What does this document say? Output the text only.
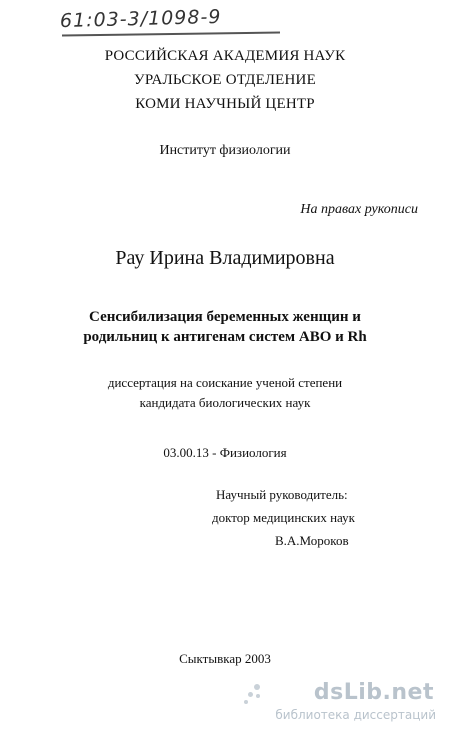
61:03-3/1098-9
РОССИЙСКАЯ АКАДЕМИЯ НАУК
УРАЛЬСКОЕ ОТДЕЛЕНИЕ
КОМИ НАУЧНЫЙ ЦЕНТР
Институт физиологии
На правах рукописи
Рау Ирина Владимировна
Сенсибилизация беременных женщин и
родильниц к антигенам систем АВО и Rh
диссертация на соискание ученой степени
кандидата биологических наук
03.00.13 - Физиология
Научный руководитель:
доктор медицинских наук
В.А.Мороков
Сыктывкар 2003
dsLib.net
библиотека диссертаций
